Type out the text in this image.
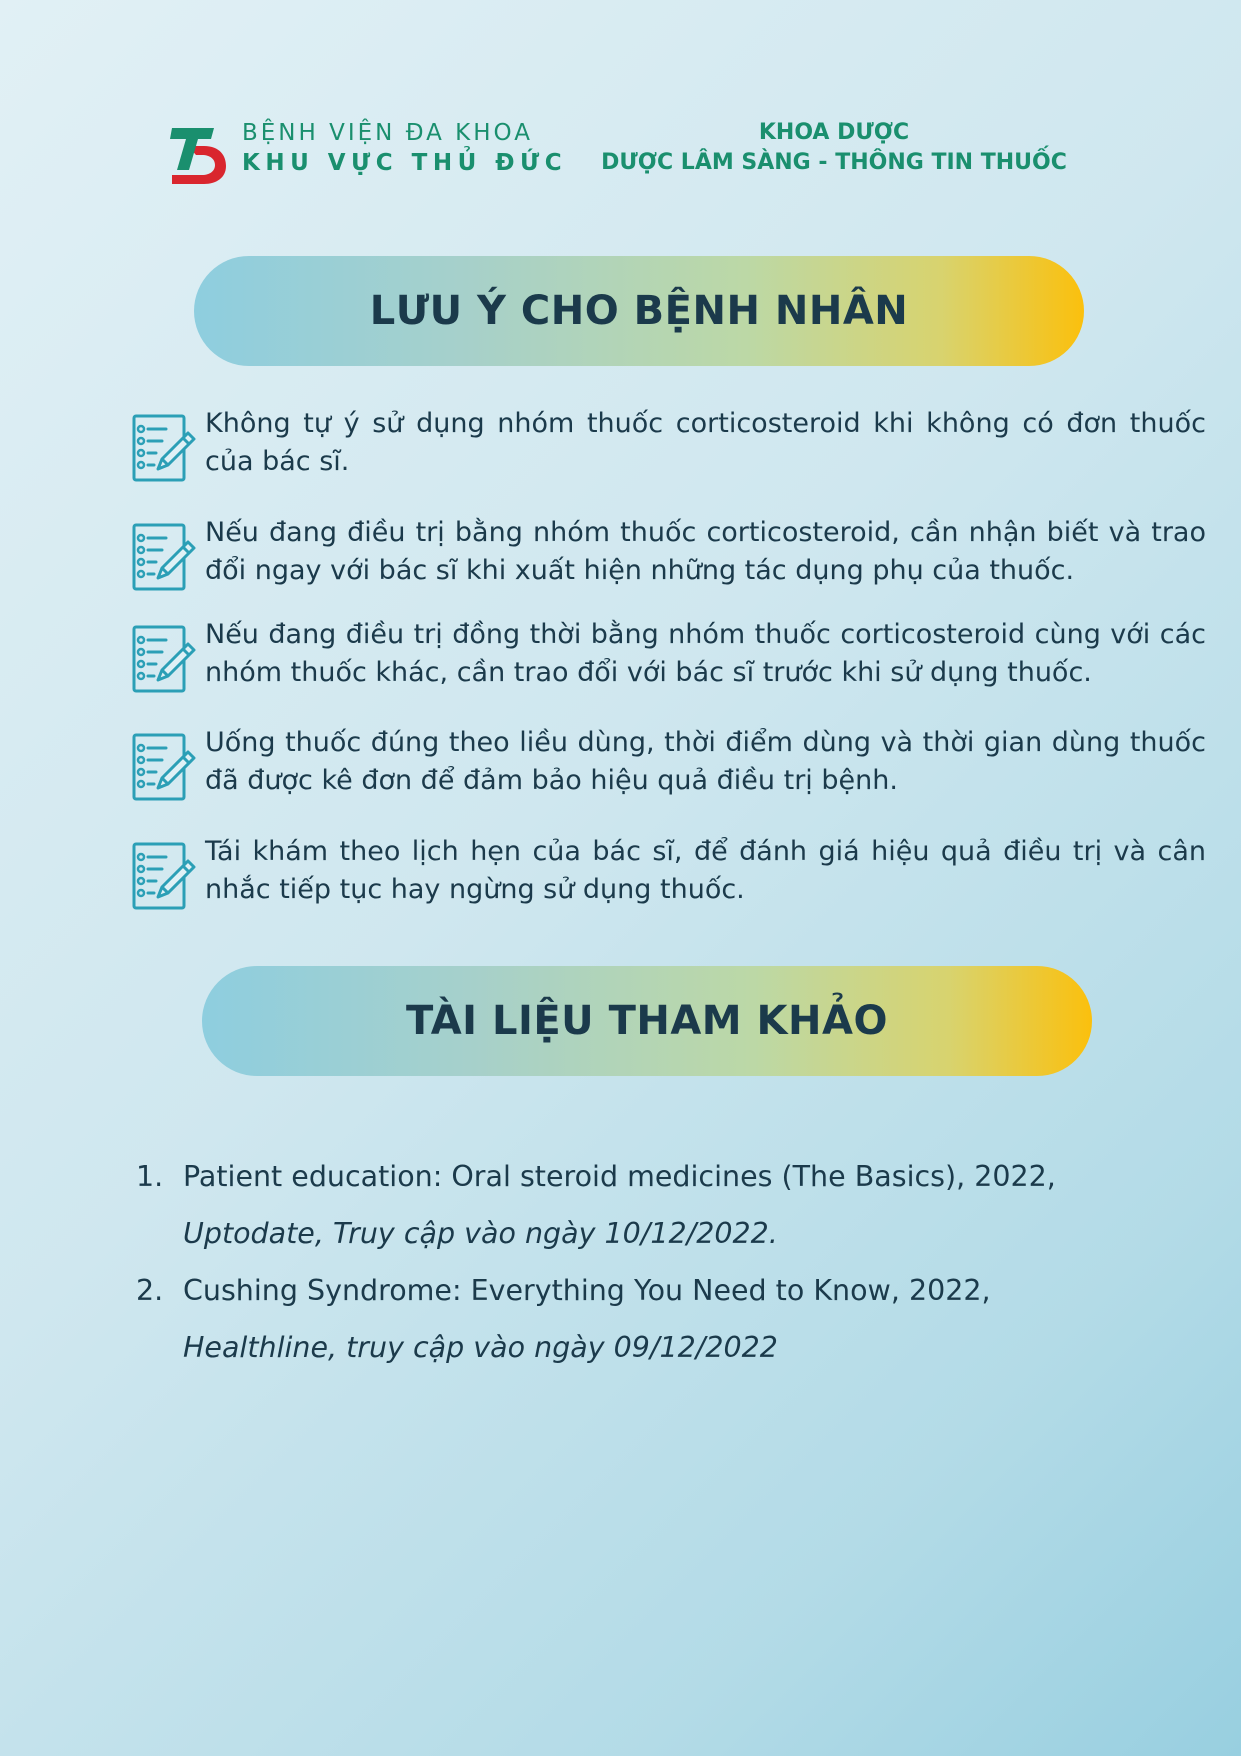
BỆNH VIỆN ĐA KHOA
KHU VỰC THỦ ĐỨC
KHOA DƯỢC
DƯỢC LÂM SÀNG - THÔNG TIN THUỐC
LƯU Ý CHO BỆNH NHÂN
Không tự ý sử dụng nhóm thuốc corticosteroid khi không có đơn thuốc của bác sĩ.
Nếu đang điều trị bằng nhóm thuốc corticosteroid, cần nhận biết và trao đổi ngay với bác sĩ khi xuất hiện những tác dụng phụ của thuốc.
Nếu đang điều trị đồng thời bằng nhóm thuốc corticosteroid cùng với các nhóm thuốc khác, cần trao đổi với bác sĩ trước khi sử dụng thuốc.
Uống thuốc đúng theo liều dùng, thời điểm dùng và thời gian dùng thuốc đã được kê đơn để đảm bảo hiệu quả điều trị bệnh.
Tái khám theo lịch hẹn của bác sĩ, để đánh giá hiệu quả điều trị và cân nhắc tiếp tục hay ngừng sử dụng thuốc.
TÀI LIỆU THAM KHẢO
1. Patient education: Oral steroid medicines (The Basics), 2022, Uptodate, Truy cập vào ngày 10/12/2022.
2. Cushing Syndrome: Everything You Need to Know, 2022, Healthline, truy cập vào ngày 09/12/2022
